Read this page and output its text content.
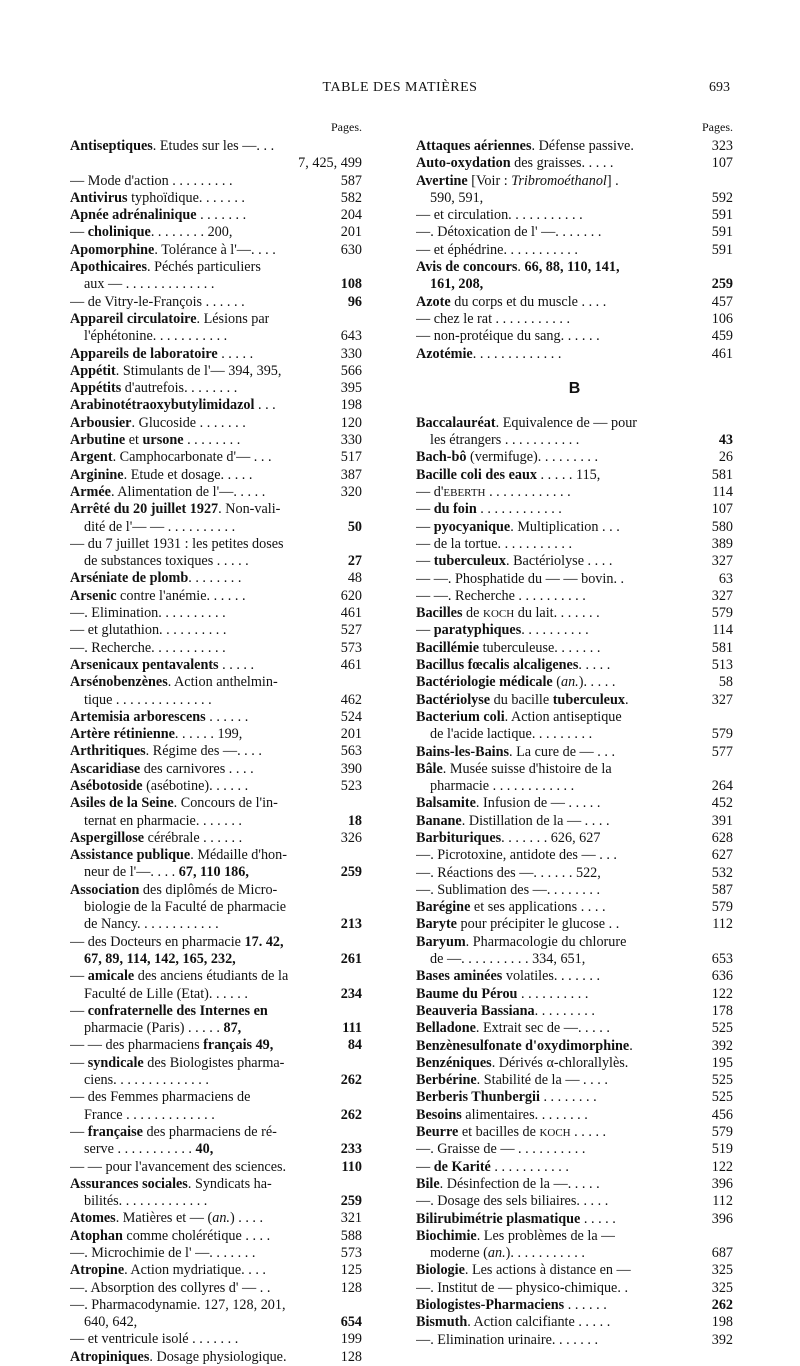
TABLE DES MATIÈRES	693
Pages.
Antiseptiques. Etudes sur les —. . .
7, 425, 499
— Mode d'action . . . . . . . . .	587
Antivirus typhoïdique. . . . . . .	582
Apnée adrénalinique . . . . . . .	204
— cholinique. . . . . . . . 200,	201
Apomorphine. Tolérance à l'—. . . .	630
Apothicaires. Péchés particuliers
aux — . . . . . . . . . . . . .	108
— de Vitry-le-François . . . . . .	96
Appareil circulatoire. Lésions par
l'éphétonine. . . . . . . . . . .	643
Appareils de laboratoire . . . . .	330
Appétit. Stimulants de l'— 394, 395,	566
Appétits d'autrefois. . . . . . . .	395
Arabinotétraoxybutylimidazol . . .	198
Arbousier. Glucoside . . . . . . .	120
Arbutine et ursone . . . . . . . .	330
Argent. Camphocarbonate d'— . . .	517
Arginine. Etude et dosage. . . . .	387
Armée. Alimentation de l'—. . . . .	320
Arrêté du 20 juillet 1927. Non-vali-
dité de l'— — . . . . . . . . . .	50
— du 7 juillet 1931 : les petites doses
de substances toxiques . . . . .	27
Arséniate de plomb. . . . . . . .	48
Arsenic contre l'anémie. . . . . .	620
—. Elimination. . . . . . . . . .	461
— et glutathion. . . . . . . . . .	527
—. Recherche. . . . . . . . . . .	573
Arsenicaux pentavalents . . . . .	461
Arsénobenzènes. Action anthelmin-
tique . . . . . . . . . . . . . .	462
Artemisia arborescens . . . . . .	524
Artère rétinienne. . . . . . 199,	201
Arthritiques. Régime des —. . . .	563
Ascaridiase des carnivores . . . .	390
Asébotoside (asébotine). . . . . .	523
Asiles de la Seine. Concours de l'in-
ternat en pharmacie. . . . . . .	18
Aspergillose cérébrale . . . . . .	326
Assistance publique. Médaille d'hon-
neur de l'—. . . . 67, 110 186,	259
Association des diplômés de Micro-
biologie de la Faculté de pharmacie
de Nancy. . . . . . . . . . . .	213
— des Docteurs en pharmacie 17. 42,
67, 89, 114, 142, 165, 232,	261
— amicale des anciens étudiants de la
Faculté de Lille (Etat). . . . . .	234
— confraternelle des Internes en
pharmacie (Paris) . . . . . 87,	111
— — des pharmaciens français 49,	84
— syndicale des Biologistes pharma-
ciens. . . . . . . . . . . . . .	262
— des Femmes pharmaciens de
France . . . . . . . . . . . . .	262
— française des pharmaciens de ré-
serve . . . . . . . . . . . 40,	233
— — pour l'avancement des sciences.	110
Assurances sociales. Syndicats ha-
bilités. . . . . . . . . . . . .	259
Atomes. Matières et — (an.) . . . .	321
Atophan comme cholérétique . . . .	588
—. Microchimie de l' —. . . . . . .	573
Atropine. Action mydriatique. . . .	125
—. Absorption des collyres d' — . .	128
—. Pharmacodynamie. 127, 128, 201,
640, 642,	654
— et ventricule isolé . . . . . . .	199
Atropiniques. Dosage physiologique.	128
Pages.
Attaques aériennes. Défense passive.	323
Auto-oxydation des graisses. . . . .	107
Avertine [Voir : Tribromoéthanol] .
590, 591,	592
— et circulation. . . . . . . . . . .	591
—. Détoxication de l' —. . . . . . .	591
— et éphédrine. . . . . . . . . . .	591
Avis de concours. 66, 88, 110, 141,
161, 208,	259
Azote du corps et du muscle . . . .	457
— chez le rat . . . . . . . . . . .	106
— non-protéique du sang. . . . . .	459
Azotémie. . . . . . . . . . . . .	461
B
Baccalauréat. Equivalence de — pour
les étrangers . . . . . . . . . . .	43
Bach-bô (vermifuge). . . . . . . . .	26
Bacille coli des eaux . . . . . 115,	581
— d'EBERTH . . . . . . . . . . . .	114
— du foin . . . . . . . . . . . .	107
— pyocyanique. Multiplication . . .	580
— de la tortue. . . . . . . . . . .	389
— tuberculeux. Bactériolyse . . . .	327
— —. Phosphatide du — — bovin. .	63
— —. Recherche . . . . . . . . . .	327
Bacilles de KOCH du lait. . . . . . .	579
— paratyphiques. . . . . . . . . .	114
Bacillémie tuberculeuse. . . . . . .	581
Bacillus fœcalis alcaligenes. . . . .	513
Bactériologie médicale (an.). . . . .	58
Bactériolyse du bacille tuberculeux.	327
Bacterium coli. Action antiseptique
de l'acide lactique. . . . . . . . .	579
Bains-les-Bains. La cure de — . . .	577
Bâle. Musée suisse d'histoire de la
pharmacie . . . . . . . . . . . .	264
Balsamite. Infusion de — . . . . .	452
Banane. Distillation de la — . . . .	391
Barbituriques. . . . . . . 626, 627	628
—. Picrotoxine, antidote des — . . .	627
—. Réactions des —. . . . . . 522,	532
—. Sublimation des —. . . . . . . .	587
Barégine et ses applications . . . .	579
Baryte pour précipiter le glucose . .	112
Baryum. Pharmacologie du chlorure
de —. . . . . . . . . . 334, 651,	653
Bases aminées volatiles. . . . . . .	636
Baume du Pérou . . . . . . . . . .	122
Beauveria Bassiana. . . . . . . . .	178
Belladone. Extrait sec de —. . . . .	525
Benzènesulfonate d'oxydimorphine.	392
Benzéniques. Dérivés α-chlorallylès.	195
Berbérine. Stabilité de la — . . . .	525
Berberis Thunbergii . . . . . . . .	525
Besoins alimentaires. . . . . . . .	456
Beurre et bacilles de KOCH . . . . .	579
—. Graisse de — . . . . . . . . . .	519
— de Karité . . . . . . . . . . .	122
Bile. Désinfection de la —. . . . .	396
—. Dosage des sels biliaires. . . . .	112
Bilirubimétrie plasmatique . . . . .	396
Biochimie. Les problèmes de la —
moderne (an.). . . . . . . . . . .	687
Biologie. Les actions à distance en —	325
—. Institut de — physico-chimique. .	325
Biologistes-Pharmaciens . . . . . .	262
Bismuth. Action calcifiante . . . . .	198
—. Elimination urinaire. . . . . . .	392
